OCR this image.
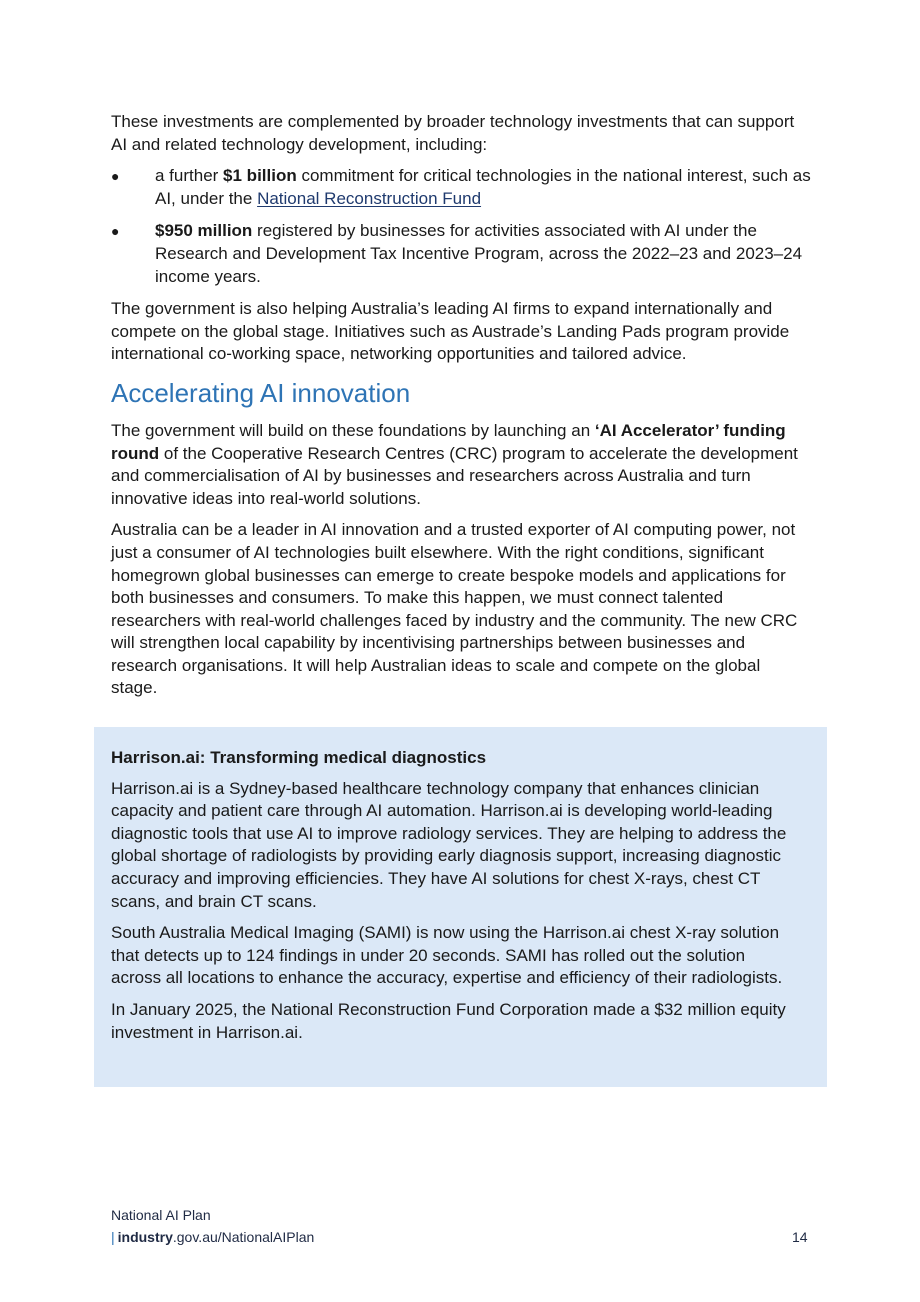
These investments are complemented by broader technology investments that can support AI and related technology development, including:

● a further $1 billion commitment for critical technologies in the national interest, such as AI, under the National Reconstruction Fund
● $950 million registered by businesses for activities associated with AI under the Research and Development Tax Incentive Program, across the 2022–23 and 2023–24 income years.

The government is also helping Australia’s leading AI firms to expand internationally and compete on the global stage. Initiatives such as Austrade’s Landing Pads program provide international co-working space, networking opportunities and tailored advice.

Accelerating AI innovation

The government will build on these foundations by launching an ‘AI Accelerator’ funding round of the Cooperative Research Centres (CRC) program to accelerate the development and commercialisation of AI by businesses and researchers across Australia and turn innovative ideas into real-world solutions.

Australia can be a leader in AI innovation and a trusted exporter of AI computing power, not just a consumer of AI technologies built elsewhere. With the right conditions, significant homegrown global businesses can emerge to create bespoke models and applications for both businesses and consumers. To make this happen, we must connect talented researchers with real-world challenges faced by industry and the community. The new CRC will strengthen local capability by incentivising partnerships between businesses and research organisations. It will help Australian ideas to scale and compete on the global stage.

Harrison.ai: Transforming medical diagnostics

Harrison.ai is a Sydney-based healthcare technology company that enhances clinician capacity and patient care through AI automation. Harrison.ai is developing world-leading diagnostic tools that use AI to improve radiology services. They are helping to address the global shortage of radiologists by providing early diagnosis support, increasing diagnostic accuracy and improving efficiencies. They have AI solutions for chest X-rays, chest CT scans, and brain CT scans.

South Australia Medical Imaging (SAMI) is now using the Harrison.ai chest X-ray solution that detects up to 124 findings in under 20 seconds. SAMI has rolled out the solution across all locations to enhance the accuracy, expertise and efficiency of their radiologists.

In January 2025, the National Reconstruction Fund Corporation made a $32 million equity investment in Harrison.ai.

National AI Plan
| industry.gov.au/NationalAIPlan	14
